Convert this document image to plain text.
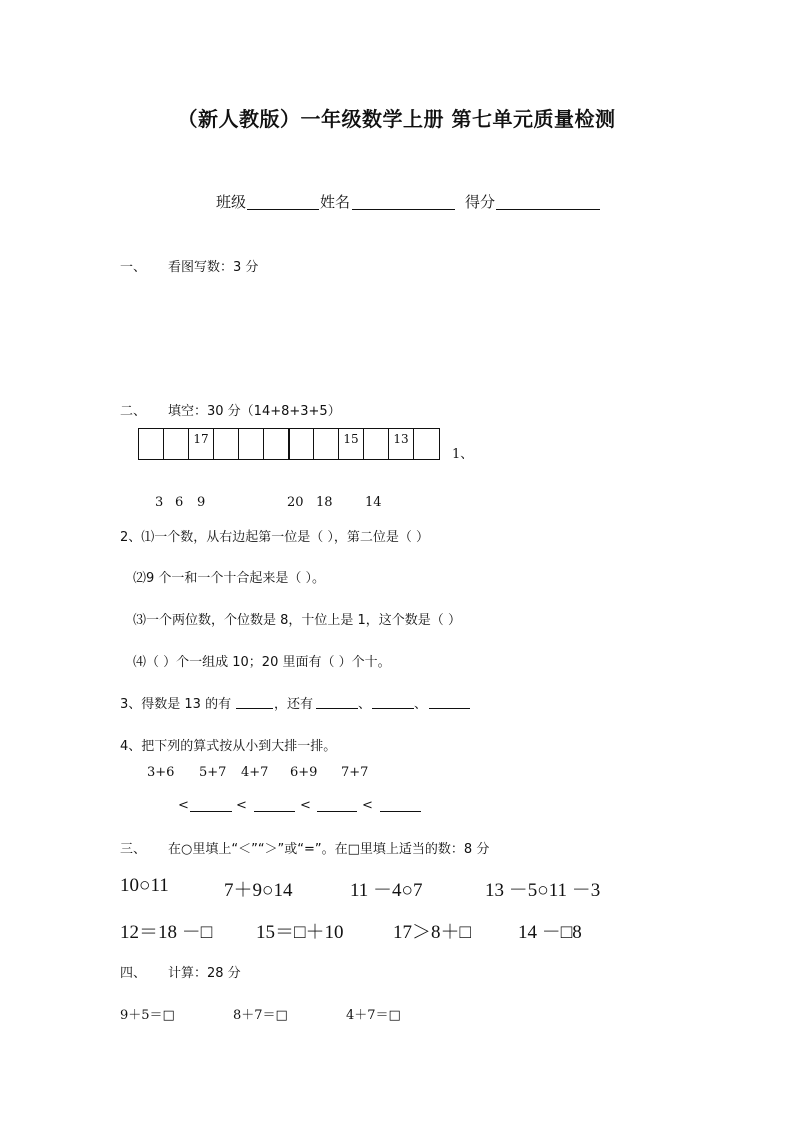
（新人教版）一年级数学上册 第七单元质量检测
班级	姓名	得分
一、 看图写数：3 分
二、 填空：30 分（14+8+3+5）
17	15	13
1、
3 6 9	20 18 14
2、⑴一个数，从右边起第一位是（ ），第二位是（ ）
⑵9 个一和一个十合起来是（ ）。
⑶一个两位数，个位数是 8，十位上是 1，这个数是（ ）
⑷（ ）个一组成 10；20 里面有（ ）个十。
3、得数是 13 的有	，还有	、	、
4、把下列的算式按从小到大排一排。
3+6 5+7 4+7 6+9 7+7
<	<	<	<
三、 在○里填上“＜”“＞”或“=”。在□里填上适当的数：8 分
10○11	7＋9○14	11 －4○7	13 －5○11 －3
12＝18 －□ 15＝□＋10	17＞8＋□ 14 －□8
四、 计算：28 分
9＋5＝□	8＋7＝□	4＋7＝□
